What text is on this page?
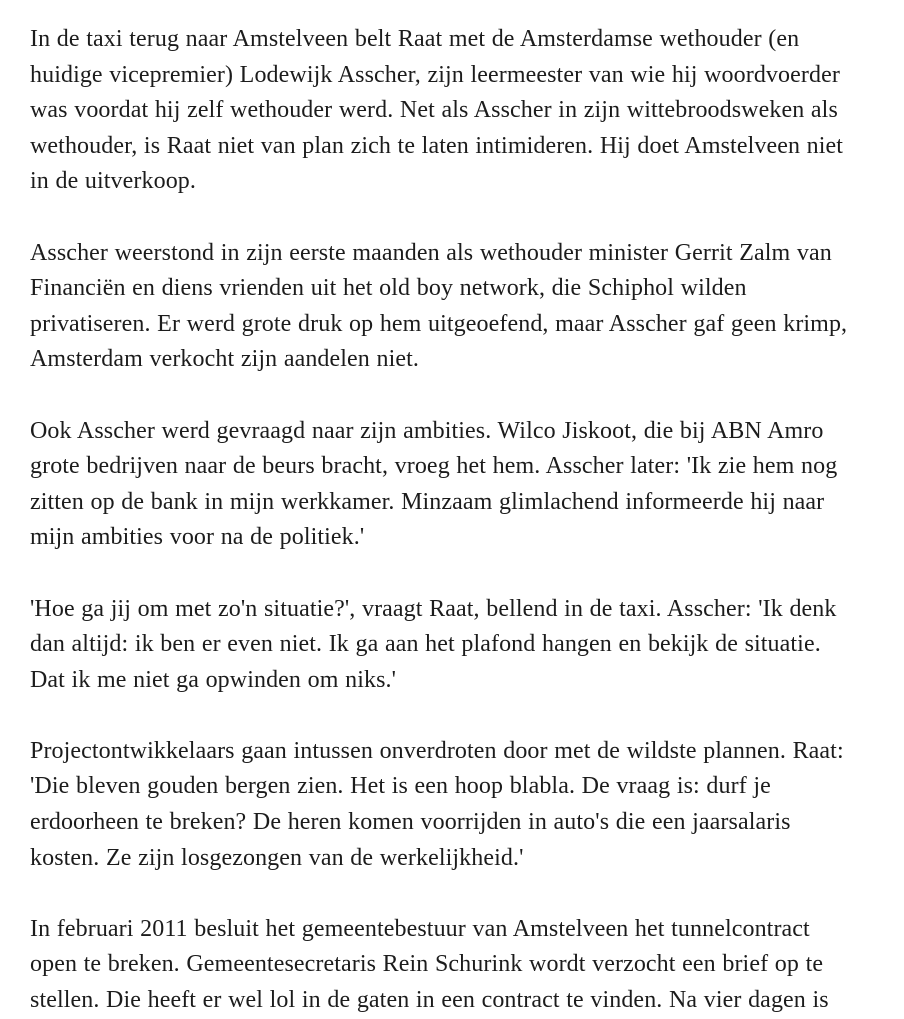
In de taxi terug naar Amstelveen belt Raat met de Amsterdamse wethouder (en huidige vicepremier) Lodewijk Asscher, zijn leermeester van wie hij woordvoerder was voordat hij zelf wethouder werd. Net als Asscher in zijn wittebroodsweken als wethouder, is Raat niet van plan zich te laten intimideren. Hij doet Amstelveen niet in de uitverkoop.

Asscher weerstond in zijn eerste maanden als wethouder minister Gerrit Zalm van Financiën en diens vrienden uit het old boy network, die Schiphol wilden privatiseren. Er werd grote druk op hem uitgeoefend, maar Asscher gaf geen krimp, Amsterdam verkocht zijn aandelen niet.

Ook Asscher werd gevraagd naar zijn ambities. Wilco Jiskoot, die bij ABN Amro grote bedrijven naar de beurs bracht, vroeg het hem. Asscher later: 'Ik zie hem nog zitten op de bank in mijn werkkamer. Minzaam glimlachend informeerde hij naar mijn ambities voor na de politiek.'

'Hoe ga jij om met zo'n situatie?', vraagt Raat, bellend in de taxi. Asscher: 'Ik denk dan altijd: ik ben er even niet. Ik ga aan het plafond hangen en bekijk de situatie. Dat ik me niet ga opwinden om niks.'

Projectontwikkelaars gaan intussen onverdroten door met de wildste plannen. Raat: 'Die bleven gouden bergen zien. Het is een hoop blabla. De vraag is: durf je erdoorheen te breken? De heren komen voorrijden in auto's die een jaarsalaris kosten. Ze zijn losgezongen van de werkelijkheid.'

In februari 2011 besluit het gemeentebestuur van Amstelveen het tunnelcontract open te breken. Gemeentesecretaris Rein Schurink wordt verzocht een brief op te stellen. Die heeft er wel lol in de gaten in een contract te vinden. Na vier dagen is
